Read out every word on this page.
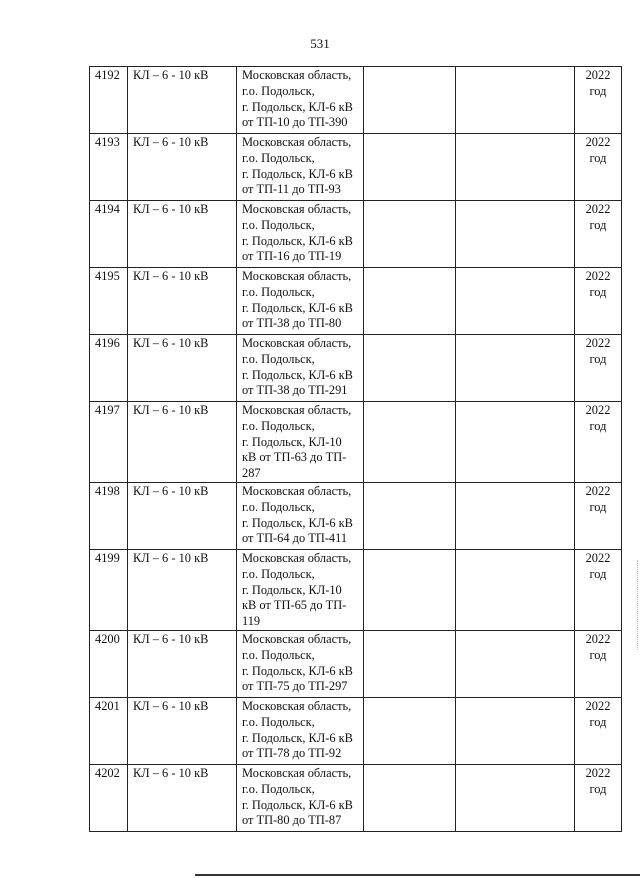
531
4192	КЛ – 6 - 10 кВ	Московская область,
г.о. Подольск,
г. Подольск, КЛ-6 кВ
от ТП-10 до ТП-390			2022
год

4193	КЛ – 6 - 10 кВ	Московская область,
г.о. Подольск,
г. Подольск, КЛ-6 кВ
от ТП-11 до ТП-93			2022
год

4194	КЛ – 6 - 10 кВ	Московская область,
г.о. Подольск,
г. Подольск, КЛ-6 кВ
от ТП-16 до ТП-19			2022
год

4195	КЛ – 6 - 10 кВ	Московская область,
г.о. Подольск,
г. Подольск, КЛ-6 кВ
от ТП-38 до ТП-80			2022
год

4196	КЛ – 6 - 10 кВ	Московская область,
г.о. Подольск,
г. Подольск, КЛ-6 кВ
от ТП-38 до ТП-291			2022
год

4197	КЛ – 6 - 10 кВ	Московская область,
г.о. Подольск,
г. Подольск, КЛ-10
кВ от ТП-63 до ТП-
287			2022
год

4198	КЛ – 6 - 10 кВ	Московская область,
г.о. Подольск,
г. Подольск, КЛ-6 кВ
от ТП-64 до ТП-411			2022
год

4199	КЛ – 6 - 10 кВ	Московская область,
г.о. Подольск,
г. Подольск, КЛ-10
кВ от ТП-65 до ТП-
119			2022
год

4200	КЛ – 6 - 10 кВ	Московская область,
г.о. Подольск,
г. Подольск, КЛ-6 кВ
от ТП-75 до ТП-297			2022
год

4201	КЛ – 6 - 10 кВ	Московская область,
г.о. Подольск,
г. Подольск, КЛ-6 кВ
от ТП-78 до ТП-92			2022
год

4202	КЛ – 6 - 10 кВ	Московская область,
г.о. Подольск,
г. Подольск, КЛ-6 кВ
от ТП-80 до ТП-87			2022
год
